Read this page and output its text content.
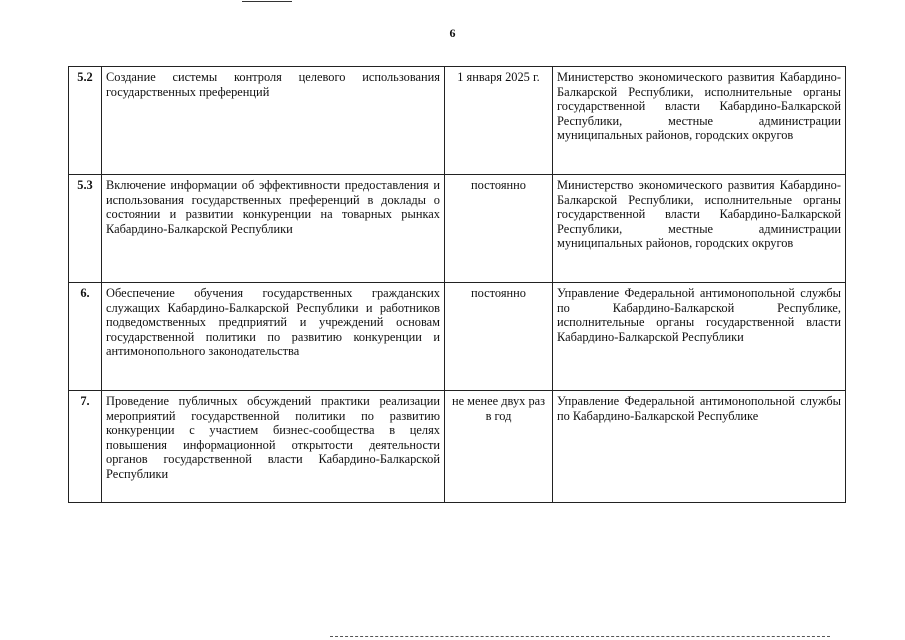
6
5.2	Создание системы контроля целевого использования государственных преференций	1 января 2025 г.	Министерство экономического развития Кабардино-Балкарской Республики, исполнительные органы государственной власти Кабардино-Балкарской Республики, местные администрации муниципальных районов, городских округов
5.3	Включение информации об эффективности предоставления и использования государственных преференций в доклады о состоянии и развитии конкуренции на товарных рынках Кабардино-Балкарской Республики	постоянно	Министерство экономического развития Кабардино-Балкарской Республики, исполнительные органы государственной власти Кабардино-Балкарской Республики, местные администрации муниципальных районов, городских округов
6.	Обеспечение обучения государственных гражданских служащих Кабардино-Балкарской Республики и работников подведомственных предприятий и учреждений основам государственной политики по развитию конкуренции и антимонопольного законодательства	постоянно	Управление Федеральной антимонопольной службы по Кабардино-Балкарской Республике, исполнительные органы государственной власти Кабардино-Балкарской Республики
7.	Проведение публичных обсуждений практики реализации мероприятий государственной политики по развитию конкуренции с участием бизнес-сообщества в целях повышения информационной открытости деятельности органов государственной власти Кабардино-Балкарской Республики	не менее двух раз в год	Управление Федеральной антимонопольной службы по Кабардино-Балкарской Республике
